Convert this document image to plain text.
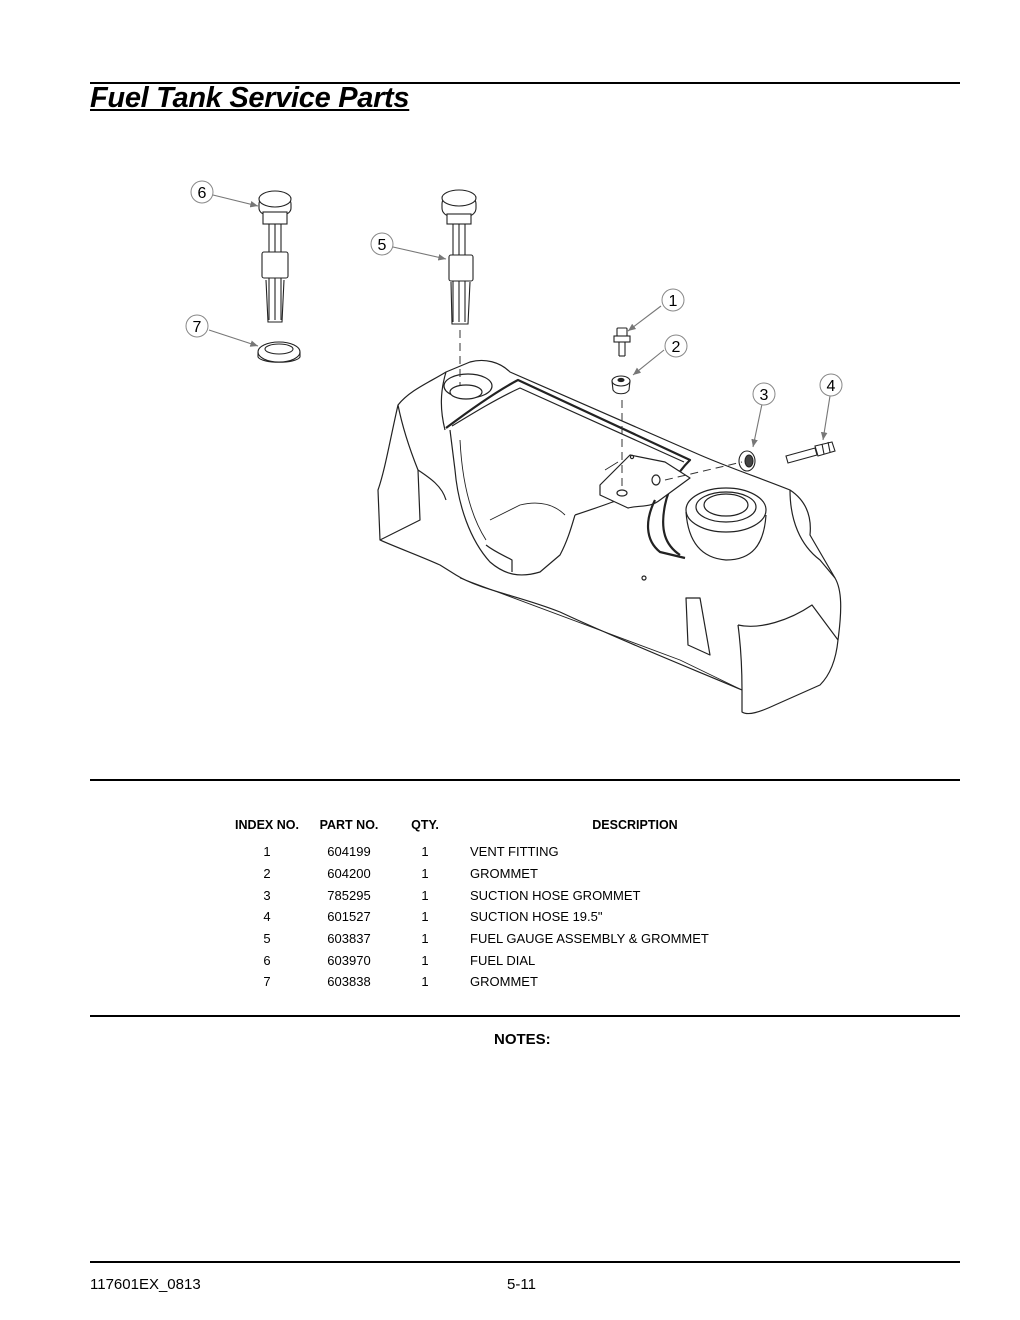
Fuel Tank Service Parts
1
2
3
4
5
6
7
INDEX NO.	PART NO.	QTY.	DESCRIPTION
1	604199	1	VENT FITTING
2	604200	1	GROMMET
3	785295	1	SUCTION HOSE GROMMET
4	601527	1	SUCTION HOSE 19.5"
5	603837	1	FUEL GAUGE ASSEMBLY & GROMMET
6	603970	1	FUEL DIAL
7	603838	1	GROMMET
NOTES:
117601EX_0813	5-11
